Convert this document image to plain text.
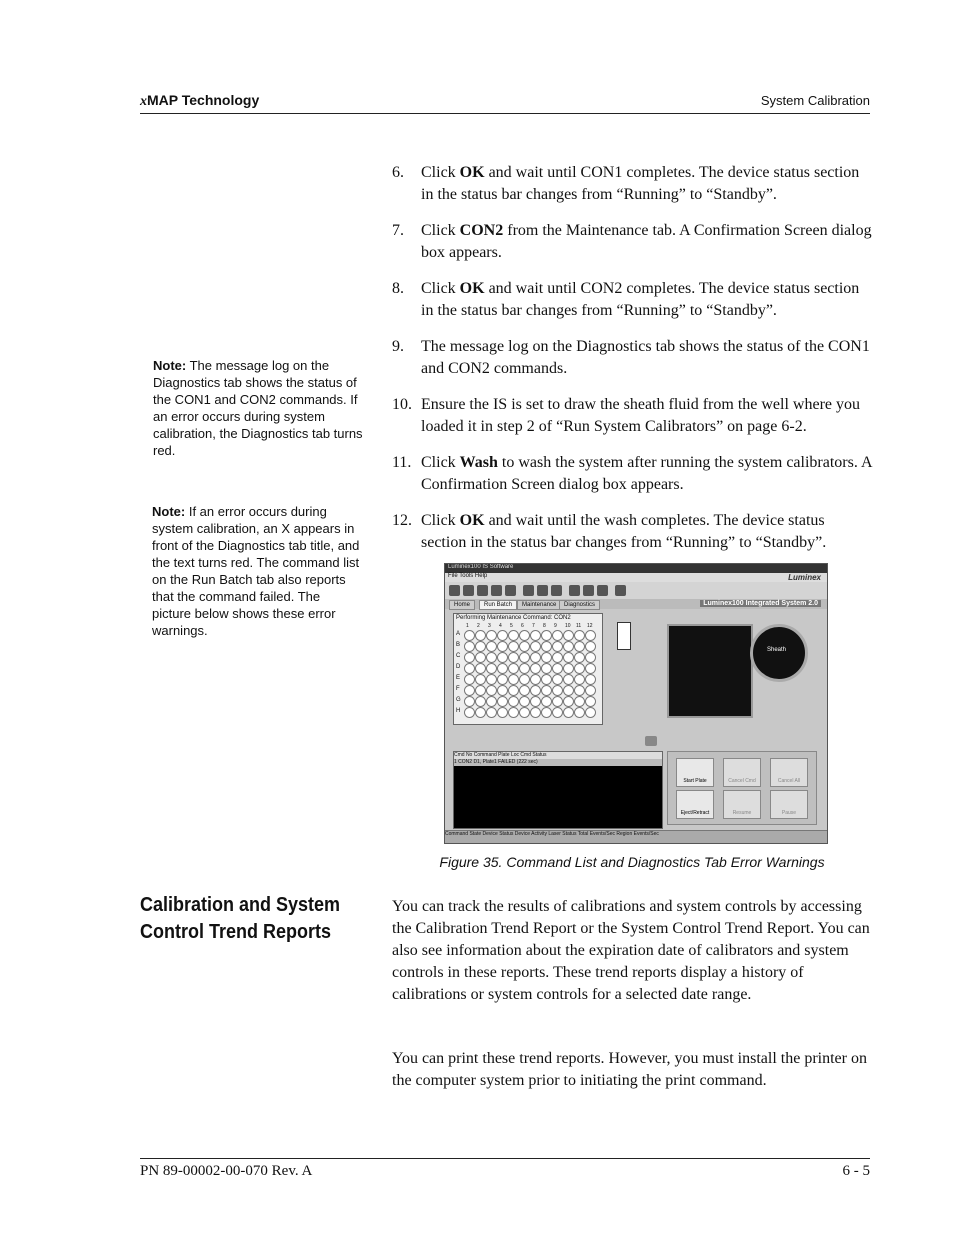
xMAP Technology	System Calibration
Note: The message log on the Diagnostics tab shows the status of the CON1 and CON2 commands. If an error occurs during system calibration, the Diagnostics tab turns red.
Note: If an error occurs during system calibration, an X appears in front of the Diagnostics tab title, and the text turns red. The command list on the Run Batch tab also reports that the command failed. The picture below shows these error warnings.
6. Click OK and wait until CON1 completes. The device status section in the status bar changes from “Running” to “Standby”.
7. Click CON2 from the Maintenance tab. A Confirmation Screen dialog box appears.
8. Click OK and wait until CON2 completes. The device status section in the status bar changes from “Running” to “Standby”.
9. The message log on the Diagnostics tab shows the status of the CON1 and CON2 commands.
10. Ensure the IS is set to draw the sheath fluid from the well where you loaded it in step 2 of “Run System Calibrators” on page 6-2.
11. Click Wash to wash the system after running the system calibrators. A Confirmation Screen dialog box appears.
12. Click OK and wait until the wash completes. The device status section in the status bar changes from “Running” to “Standby”.
Luminex100 IS Software
File Tools Help	Luminex
Home	Run Batch	Maintenance	Diagnostics	Luminex100 Integrated System 2.0
Performing Maintenance Command: CON2
1 2 3 4 5 6 7 8 9 10 11 12
A
B
C
D
E
F
G
H
Sheath
Cmd No Command Plate Loc Cmd Status
1 CON2 D1, Plate1 FAILED (222 sec)
Start Plate	Cancel Cmd	Cancel All
Eject/Retract	Resume	Pause
Command State Device Status Device Activity Laser Status Total Events/Sec Region Events/Sec
Figure 35. Command List and Diagnostics Tab Error Warnings
Calibration and System Control Trend Reports

You can track the results of calibrations and system controls by accessing the Calibration Trend Report or the System Control Trend Report. You can also see information about the expiration date of calibrators and system controls in these reports. These trend reports display a history of calibrations or system controls for a selected date range.

You can print these trend reports. However, you must install the printer on the computer system prior to initiating the print command.

PN 89-00002-00-070 Rev. A	6 - 5
